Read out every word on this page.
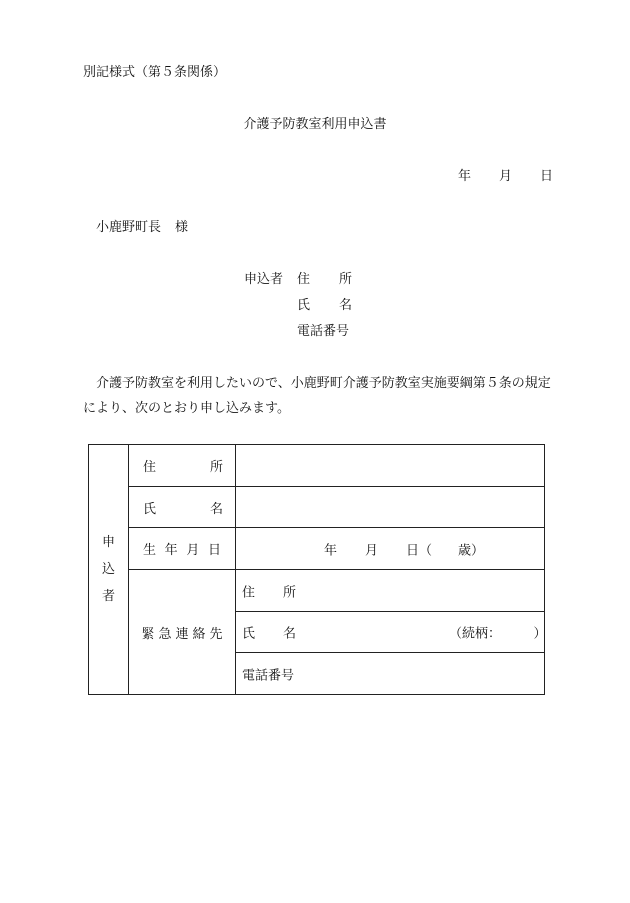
別記様式（第５条関係）
介護予防教室利用申込書
年 月 日
小鹿野町長 様
申込者 住 所
氏 名
電話番号
介護予防教室を利用したいので、小鹿野町介護予防教室実施要綱第５条の規定
により、次のとおり申し込みます。
申
込
者	住 所	

	氏 名	

	生 年 月 日	年 月 日（ 歳）

	緊 急 連 絡 先	住 所

		氏 名 （続柄：　　　）

		電話番号
